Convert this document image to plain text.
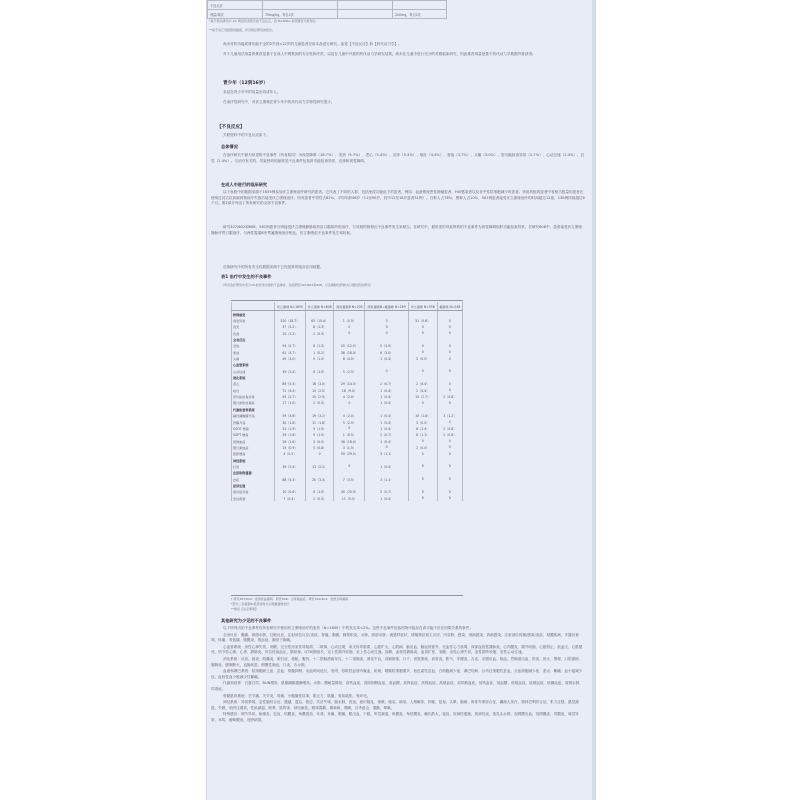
不良反应			
剂量/频次	75mg/kg，每日2次		200mg，每日2次
*基于相关研究中 ≥1 例受试者报告的不良反应，按 MedDRA 系统器官分类列出。
**基于其它剂量组的数据，详见相应研究的报告。
尚未对肝功能或肾功能不全的2岁到<12岁的儿童患者应用本品进行研究。参见【不良反应】和【药代动力学】。
对于儿童用法用量的推荐是基于在成人中观察到的安全性和疗效，以及在儿童中开展的药代动力学研究结果。尚未在儿童中进行充分的对照临床研究，因此推荐剂量是基于药代动力学数据外推获得。
青少年（12到16岁）
本品在青少年中的用量应同成年人。
在治疗性研究中，对伏立康唑在青少年中的药代动力学特性研究很少。
【不良反应】
关联资料中的不良反应如下。
总体情况
在治疗研究中最为常见的不良事件（所有原因）为视觉障碍（18.7%）、发热（5.7%）、恶心（5.4%）、皮疹（5.3%）、呕吐（4.4%）、寒战（3.7%）、头痛（3.0%）、肝功能检查异常（2.7%）、心动过速（2.4%）、幻觉（2.4%）。与治疗有关的、导致停药的最常见不良事件包括肝功能检查异常、皮疹和视觉障碍。
在成人中进行的临床研究
以下表格中的数据来源于1655例参加伏立康唑治疗研究的患者。它代表了不同的人群，包括免疫功能低下的患者，例如：血液系统恶性肿瘤患者、HIV感染者以及非中性粒细胞减少的患者。该用药组的患者中有相当数量的患者在使用过其它抗真菌药物治疗失败后接受伏立康唑治疗。所有患者中男性占62%，平均年龄46岁（11至90岁，其中12至18岁患者51例）。白种人占78%，黑种人占10%，561例患者接受伏立康唑治疗的时间超过12周，136例持续超过6个月。第2部分列出了所有研究的全部不良事件。
研究307/602和608，561例患者分别接受伏立康唑静脉给药及口服给药的治疗，与对照药物相比不良事件发生率相当。在研究中，最常见的导致停药的不良事件为视觉障碍和肝功能检查异常。在研究608中，患者接受伏立康唑静脉序贯口服治疗，与两性霉素B序贯氟康唑治疗相比，伏立康唑组不良事件发生率较低。
后续研究中的所有安全性数据来源于已经批准的临床应用数据。
表1 治疗中发生的不良事件
（所有治疗研究中至少1%的患者出现的不良事件，包括研究307/602和608，以及静脉给药转为口服给药的研究）
	伏立康唑 N=1655	伏立康唑 N=608	两性霉素B N=200	两性霉素B→氟康唑 N=269	伏立康唑 N=556	氟康唑 N=248
特殊感觉						
视觉异常	310（18.7）	63（10.4）	1（0.5）	0	31（5.6）	0
畏光	37（2.2）	8（1.3）	0	0	0	0
色视	20（1.2）	2（0.3）	0	0	0	0
全身反应						
发热	94（5.7）	8（1.3）	25（12.5）	5（1.9）	0	0
寒战	61（3.7）	1（0.2）	36（18.0）	8（3.0）	0	0
头痛	49（3.0）	9（1.5）	8（4.0）	1（0.4）	3（0.5）	0
心血管系统						
心动过速	39（2.4）	6（1.0）	5（2.5）	0	0	0
消化系统						
恶心	89（5.4）	18（3.0）	29（14.5）	2（0.7）	2（0.4）	0
呕吐	72（4.4）	15（2.5）	18（9.0）	1（0.4）	2（0.4）	0
肝功能检查异常	45（2.7）	15（2.5）	4（2.0）	1（0.4）	15（2.7）	2（0.8）
胆汁淤积性黄疸	17（1.0）	2（0.3）	0	1（0.4）	0	0
代谢和营养系统						
碱性磷酸酶升高	59（3.6）	19（3.1）	4（2.0）	1（0.4）	10（1.8）	3（1.2）
肝酶升高	30（1.8）	11（1.8）	5（2.5）	1（0.4）	3（0.5）	0
SGOT 增高	31（1.9）	9（1.5）	0	1（0.4）	8（1.4）	2（0.8）
SGPT 增高	29（1.8）	9（1.5）	1（0.5）	2（0.7）	6（1.1）	2（0.8）
低钾血症	26（1.6）	3（0.5）	36（18.0）	1（0.4）	0	0
胆红素血症	15（0.9）	5（0.8）	3（1.5）	0	2（0.4）	0
肌酐增高	4（0.2）	0	59（29.5）	3（1.1）	0	0
神经系统						
幻觉	39（2.4）	13（2.1）	0	1（0.4）	0	0
皮肤和附属器						
皮疹	88（5.3）	20（3.3）	7（3.5）	3（1.1）	0	0
泌尿生殖						
肾功能异常	10（0.6）	6（1.0）	40（20.0）	2（0.7）	0	0
急性肾衰	7（0.4）	2（0.3）	11（5.5）	1（0.4）	0	0
† 研究307/602：侵袭性曲霉病；研究608：念珠菌血症；研究150/304：食管念珠菌病
*部分二性霉素B 组患者转为口服氟康唑治疗
**参见【注意事项】
其他研究为少见的不良事件
以下所列出的不良事件在所有研究中使用伏立康唑治疗的患者（N=1655）中的发生率<2%。这些不良事件包括药物可能存在或可能不存在因果关系的事件。
全身反应：腹痛，颜面水肿，过敏反应，注射部位反应/炎症，背痛，胸痛，蜂窝织炎，水肿，面部水肿，流感样症状，移植物抗宿主反应，肉芽肿，感染，细菌感染，真菌感染，注射部位疼痛/感染/炎症，黏膜疾病，多器官衰竭，疼痛，骨盆痛，腹膜炎，败血症，胸骨下胸痛。
心血管系统：房性心律失常，房颤，完全性房室传导阻滞，二联律，心动过缓，束支传导阻滞，心脏扩大，心肌病，脑出血，脑血管意外，充血性心力衰竭，深部血栓性静脉炎，心内膜炎，期外收缩，心脏停止，低血压，心肌梗死，结节性心律，心悸，静脉炎，体位性低血压，肺栓塞，QT间期延长，室上性期外收缩，室上性心动过速，昏厥，血栓性静脉炎，血管扩张，室颤，室性心律失常，室性期外收缩，室性心动过速。
消化系统：厌食，唇炎，胆囊炎，胆石症，便秘，腹泻，十二指肠溃疡穿孔，十二指肠炎，消化不良，吞咽困难，口干，食管溃疡，食管炎，胀气，牙龈炎，舌炎，牙龈出血，呕血，胃肠道出血，肝炎，肝大，黑便，口腔溃疡，胰腺炎，腮腺肿大，直肠疾患，假膜性肠炎，口炎，舌水肿。
血液和淋巴系统：粒细胞缺乏症，贫血，骨髓抑制，出血时间延长，发绀，弥散性血管内凝血，瘀斑，嗜酸粒细胞增多，低色素性贫血，白细胞减少症，淋巴结病，巨幼红细胞性贫血，全血细胞减少症，淤点，紫癜，血小板减少症，血栓性血小板减少性紫癜。
代谢和营养：白蛋白尿，BUN增高，肌酸磷酸激酶增高，水肿，糖耐量降低，高钙血症，高胆固醇血症，高血糖，高钾血症，高镁血症，高钠血症，高尿酸血症，低钙血症，低血糖，低镁血症，低钠血症，低磷血症，周围水肿，尿毒症。
骨骼肌肉系统：关节痛，关节炎，骨痛，小腿痛性痉挛，肌无力，肌痛，骨质疏松，骨坏死。
神经系统：异常梦境，急性脑综合征，激越，遗忘，焦虑，共济失调，脑水肿，昏迷，意识错乱，惊厥，谵妄，痴呆，人格解体，抑郁，复视，头晕，脑病，锥体外系综合征，癫痫大发作，格林巴利综合征，张力过强，感觉减退，失眠，颅内压增高，性欲减退，眩晕，肌阵挛，神经病变，眼球震颤，精神病，嗜睡，自杀意念，震颤，晕厥。
特殊感官：调节异常，睑缘炎，色盲，结膜炎，角膜混浊，耳聋，耳痛，眼痛，眼出血，干眼，听觉减退，角膜炎，角结膜炎，瞳孔散大，夜盲，视神经萎缩，视神经炎，视乳头水肿，视网膜出血，视网膜炎，巩膜炎，味觉异常，耳鸣，葡萄膜炎，视野缺损。
